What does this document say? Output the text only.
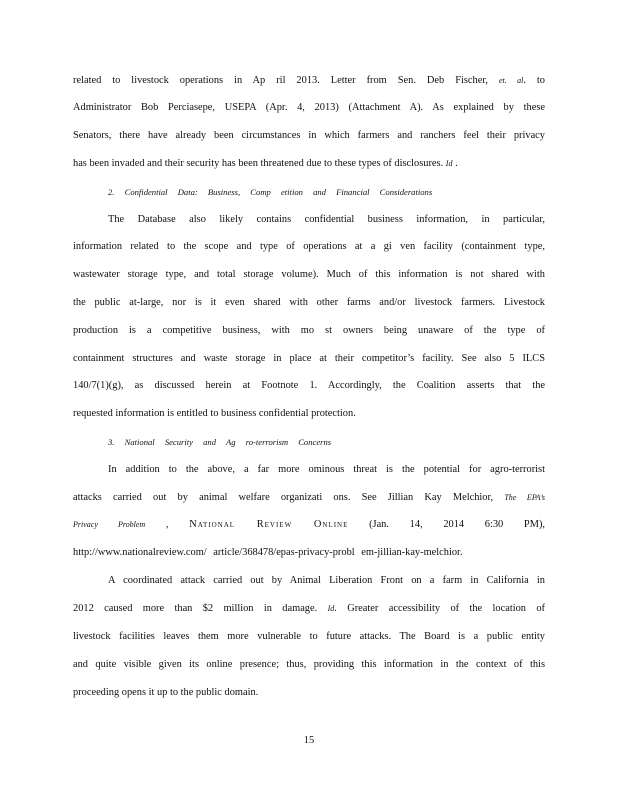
related to livestock operations in Ap ril 2013. Letter from Sen. Deb Fischer, et. al. to
Administrator Bob Perciasepe, USEPA (Apr. 4, 2013) (Attachment A). As explained by these
Senators, there have already been circumstances in which farmers and ranchers feel their privacy
has been invaded and their security has been threatened due to these types of disclosures. Id .
2. Confidential Data: Business, Comp etition and Financial Considerations
The Database also likely contains confidential business information, in particular,
information related to the scope and type of operations at a gi ven facility (containment type,
wastewater storage type, and total storage volume). Much of this information is not shared with
the public at-large, nor is it even shared with other farms and/or livestock farmers. Livestock
production is a competitive business, with mo st owners being unaware of the type of
containment structures and waste storage in place at their competitor’s facility. See also 5 ILCS
140/7(1)(g), as discussed herein at Footnote 1. Accordingly, the Coalition asserts that the
requested information is entitled to business confidential protection.
3. National Security and Ag ro-terrorism Concerns
In addition to the above, a far more ominous threat is the potential for agro-terrorist
attacks carried out by animal welfare organizati ons. See Jillian Kay Melchior, The EPA’s
Privacy Problem , National Review Online (Jan. 14, 2014 6:30 PM),
http://www.nationalreview.com/ article/368478/epas-privacy-probl em-jillian-kay-melchior.
A coordinated attack carried out by Animal Liberation Front on a farm in California in
2012 caused more than $2 million in damage. Id. Greater accessibility of the location of
livestock facilities leaves them more vulnerable to future attacks. The Board is a public entity
and quite visible given its online presence; thus, providing this information in the context of this
proceeding opens it up to the public domain.
15
